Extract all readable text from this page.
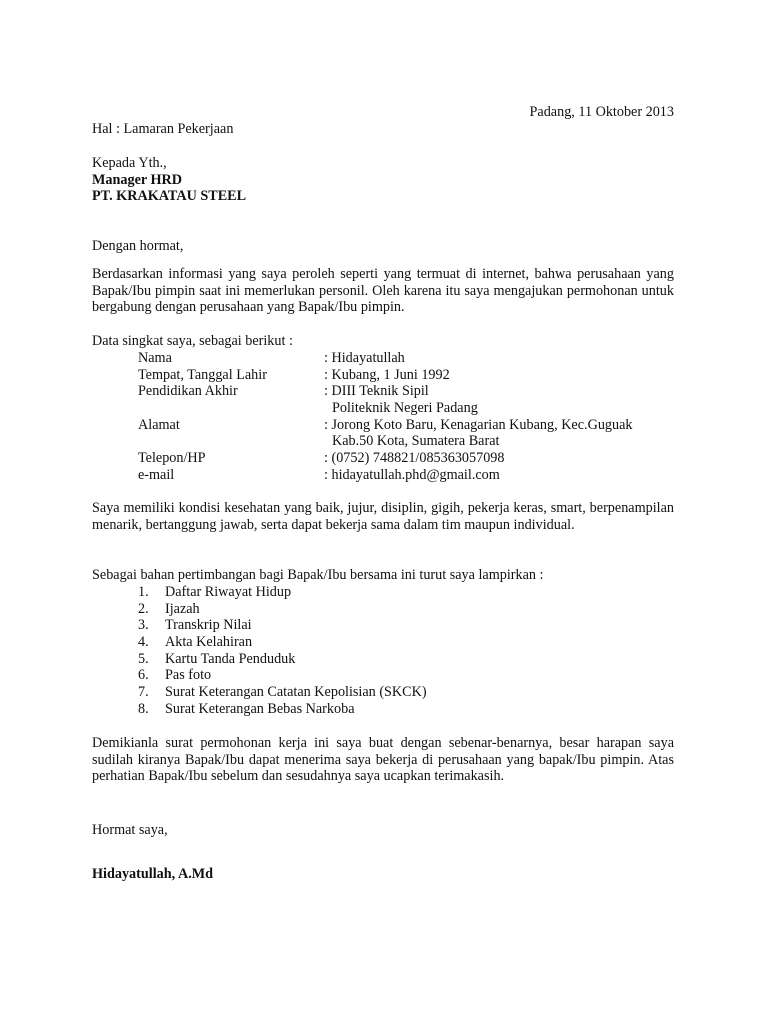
Padang, 11 Oktober 2013
Hal : Lamaran Pekerjaan
Kepada Yth.,
Manager HRD
PT. KRAKATAU STEEL
Dengan hormat,
Berdasarkan informasi yang saya peroleh seperti yang termuat di internet, bahwa perusahaan yang Bapak/Ibu pimpin saat ini memerlukan personil. Oleh karena itu saya mengajukan permohonan untuk bergabung dengan perusahaan yang Bapak/Ibu pimpin.
Data singkat saya, sebagai berikut :
Nama	: Hidayatullah
Tempat, Tanggal Lahir	: Kubang, 1 Juni 1992
Pendidikan Akhir	: DIII Teknik Sipil
Politeknik Negeri Padang
Alamat	: Jorong Koto Baru, Kenagarian Kubang, Kec.Guguak
Kab.50 Kota, Sumatera Barat
Telepon/HP	: (0752) 748821/085363057098
e-mail	: hidayatullah.phd@gmail.com
Saya memiliki kondisi kesehatan yang baik, jujur, disiplin, gigih, pekerja keras, smart, berpenampilan menarik, bertanggung jawab, serta dapat bekerja sama dalam tim maupun individual.
Sebagai bahan pertimbangan bagi Bapak/Ibu bersama ini turut saya lampirkan :
1. Daftar Riwayat Hidup
2. Ijazah
3. Transkrip Nilai
4. Akta Kelahiran
5. Kartu Tanda Penduduk
6. Pas foto
7. Surat Keterangan Catatan Kepolisian (SKCK)
8. Surat Keterangan Bebas Narkoba
Demikianla surat permohonan kerja ini saya buat dengan sebenar-benarnya, besar harapan saya sudilah kiranya Bapak/Ibu dapat menerima saya bekerja di perusahaan yang bapak/Ibu pimpin. Atas perhatian Bapak/Ibu sebelum dan sesudahnya saya ucapkan terimakasih.
Hormat saya,
Hidayatullah, A.Md
